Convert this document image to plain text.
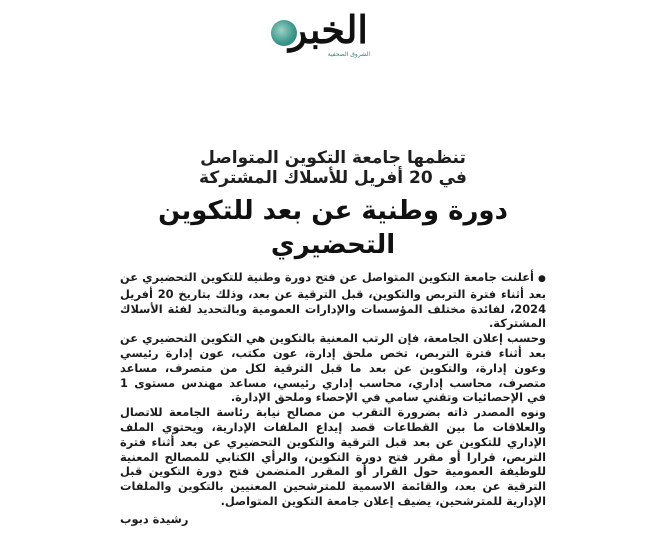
الخبر
الشروق الصحفية

تنظمها جامعة التكوين المتواصل

في 20 أفريل للأسلاك المشتركة

دورة وطنية عن بعد للتكوين التحضيري

●أعلنت جامعة التكوين المتواصل عن فتح دورة وطنية للتكوين التحضيري عن بعد أثناء فترة التربص والتكوين، قبل الترقية عن بعد، وذلك بتاريخ 20 أفريل 2024، لفائدة مختلف المؤسسات والإدارات العمومية وبالتحديد لفئة الأسلاك المشتركة.

وحسب إعلان الجامعة، فإن الرتب المعنية بالتكوين هي التكوين التحضيري عن بعد أثناء فترة التربص، تخص ملحق إدارة، عون مكتب، عون إدارة رئيسي وعون إدارة، والتكوين عن بعد ما قبل الترقية لكل من متصرف، مساعد متصرف، محاسب إداري، محاسب إداري رئيسي، مساعد مهندس مستوى 1 في الإحصائيات وتقني سامي في الإحصاء وملحق الإدارة.

ونوه المصدر ذاته بضرورة التقرب من مصالح نيابة رئاسة الجامعة للاتصال والعلاقات ما بين القطاعات قصد إيداع الملفات الإدارية، ويحتوي الملف الإداري للتكوين عن بعد قبل الترقية والتكوين التحضيري عن بعد أثناء فترة التربص، قرارا أو مقرر فتح دورة التكوين، والرأي الكتابي للمصالح المعنية للوظيفة العمومية حول القرار أو المقرر المتضمن فتح دورة التكوين قبل الترقية عن بعد، والقائمة الاسمية للمترشحين المعنيين بالتكوين والملفات الإدارية للمترشحين، يضيف إعلان جامعة التكوين المتواصل.

رشيدة دبوب
